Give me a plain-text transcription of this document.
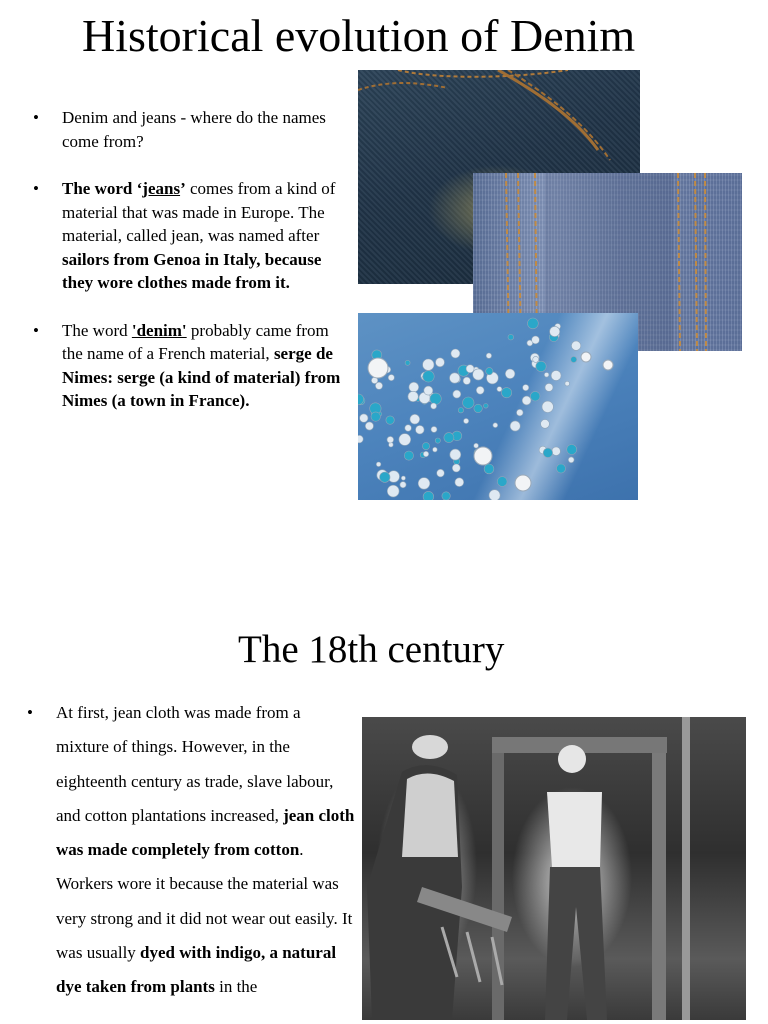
Historical evolution of Denim
• Denim and jeans - where do the names come from?
• The word ‘jeans’ comes from a kind of material that was made in Europe. The material, called jean, was named after sailors from Genoa in Italy, because they wore clothes made from it.
• The word 'denim' probably came from the name of a French material, serge de Nimes: serge (a kind of material) from Nimes (a town in France).
The 18th century
• At first, jean cloth was made from a mixture of things. However, in the eighteenth century as trade, slave labour, and cotton plantations increased, jean cloth was made completely from cotton. Workers wore it because the material was very strong and it did not wear out easily. It was usually dyed with indigo, a natural dye taken from plants in the
